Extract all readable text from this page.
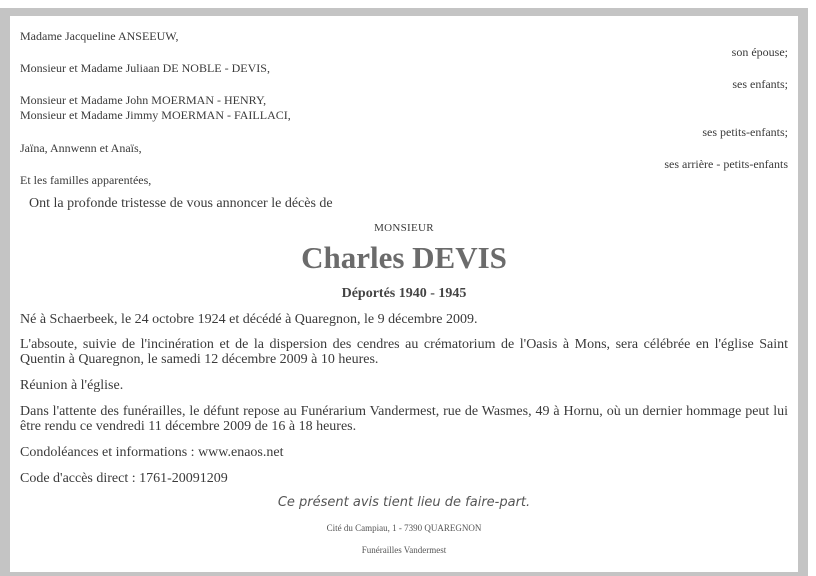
Madame Jacqueline ANSEEUW,
son épouse;
Monsieur et Madame Juliaan DE NOBLE - DEVIS,
ses enfants;
Monsieur et Madame John MOERMAN - HENRY,
Monsieur et Madame Jimmy MOERMAN - FAILLACI,
ses petits-enfants;
Jaïna, Annwenn et Anaïs,
ses arrière - petits-enfants
Et les familles apparentées,
Ont la profonde tristesse de vous annoncer le décès de
MONSIEUR
Charles DEVIS
Déportés 1940 - 1945
Né à Schaerbeek, le 24 octobre 1924 et décédé à Quaregnon, le 9 décembre 2009.
L'absoute, suivie de l'incinération et de la dispersion des cendres au crématorium de l'Oasis à Mons, sera célébrée en l'église Saint Quentin à Quaregnon, le samedi 12 décembre 2009 à 10 heures.
Réunion à l'église.
Dans l'attente des funérailles, le défunt repose au Funérarium Vandermest, rue de Wasmes, 49 à Hornu, où un dernier hommage peut lui être rendu ce vendredi 11 décembre 2009 de 16 à 18 heures.
Condoléances et informations : www.enaos.net
Code d'accès direct : 1761-20091209
Ce présent avis tient lieu de faire-part.
Cité du Campiau, 1 - 7390 QUAREGNON
Funérailles Vandermest
